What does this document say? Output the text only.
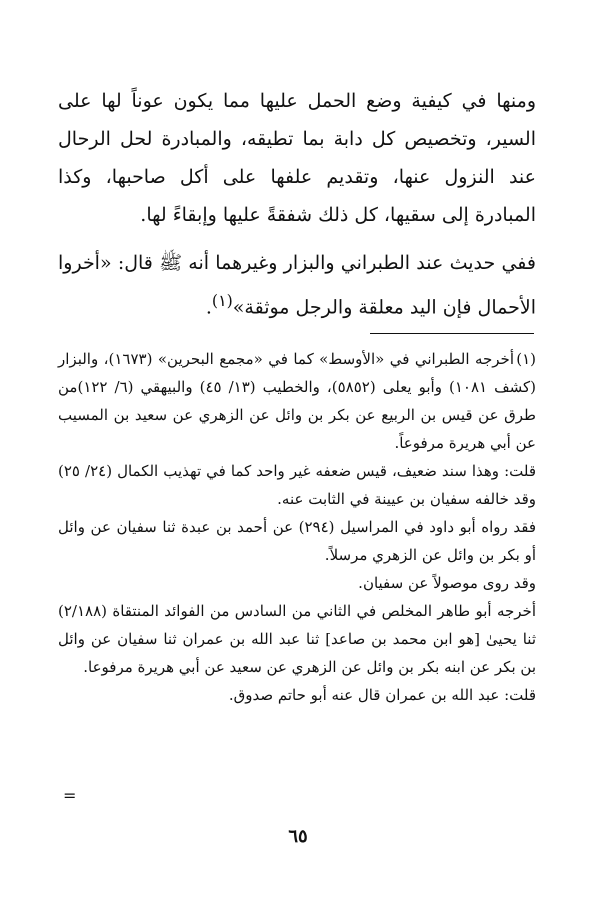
ومنها في كيفية وضع الحمل عليها مما يكون عوناً لها على السير، وتخصيص كل دابة بما تطيقه، والمبادرة لحل الرحال عند النزول عنها، وتقديم علفها على أكل صاحبها، وكذا المبادرة إلى سقيها، كل ذلك شفقةً عليها وإبقاءً لها.

ففي حديث عند الطبراني والبزار وغيرهما أنه ﷺ قال: «أخروا الأحمال فإن اليد معلقة والرجل موثقة»$^{(١)}$.

(١)أخرجه الطبراني في «الأوسط» كما في «مجمع البحرين» (١٦٧٣)، والبزار (كشف ١٠٨١) وأبو يعلى (٥٨٥٢)، والخطيب (١٣/ ٤٥) والبيهقي (٦/ ١٢٢)من طرق عن قيس بن الربيع عن بكر بن وائل عن الزهري عن سعيد بن المسيب عن أبي هريرة مرفوعاً.

قلت: وهذا سند ضعيف، قيس ضعفه غير واحد كما في تهذيب الكمال (٢٤/ ٢٥) وقد خالفه سفيان بن عيينة في الثابت عنه.

فقد رواه أبو داود في المراسيل (٢٩٤) عن أحمد بن عبدة ثنا سفيان عن وائل أو بكر بن وائل عن الزهري مرسلاً.

وقد روى موصولاً عن سفيان.

أخرجه أبو طاهر المخلص في الثاني من السادس من الفوائد المنتقاة (٢/١٨٨) ثنا يحيىٰ [هو ابن محمد بن صاعد] ثنا عبد الله بن عمران ثنا سفيان عن وائل بن بكر عن ابنه بكر بن وائل عن الزهري عن سعيد عن أبي هريرة مرفوعا.

قلت: عبد الله بن عمران قال عنه أبو حاتم صدوق.

=
٦٥
